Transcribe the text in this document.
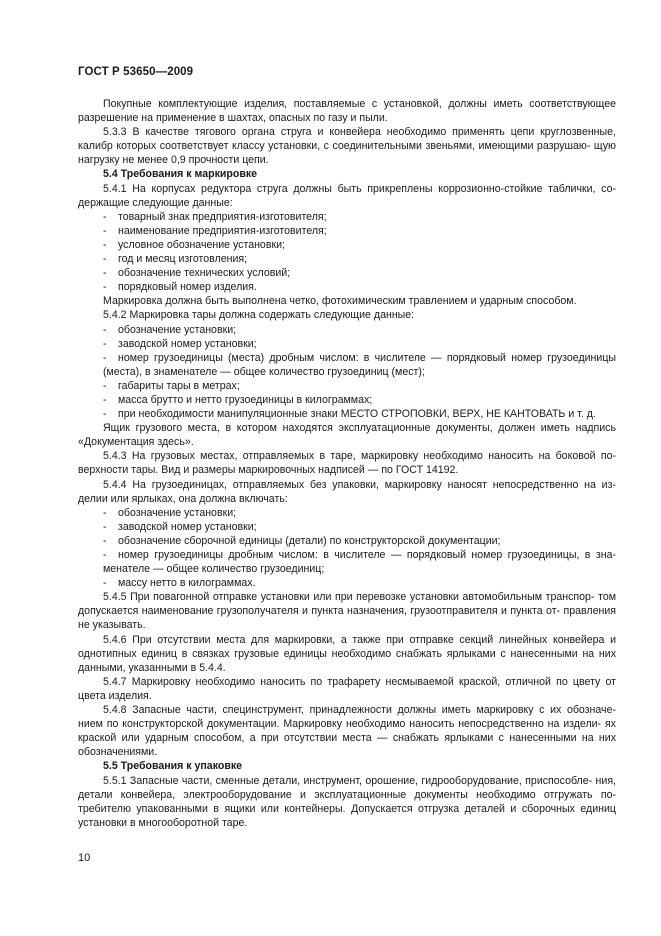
ГОСТ Р 53650—2009
Покупные комплектующие изделия, поставляемые с установкой, должны иметь соответствующее разрешение на применение в шахтах, опасных по газу и пыли.
5.3.3 В качестве тягового органа струга и конвейера необходимо применять цепи круглозвенные, калибр которых соответствует классу установки, с соединительными звеньями, имеющими разрушаю- щую нагрузку не менее 0,9 прочности цепи.
5.4 Требования к маркировке
5.4.1 На корпусах редуктора струга должны быть прикреплены коррозионно-стойкие таблички, со- держащие следующие данные:
- товарный знак предприятия-изготовителя;
- наименование предприятия-изготовителя;
- условное обозначение установки;
- год и месяц изготовления;
- обозначение технических условий;
- порядковый номер изделия.
Маркировка должна быть выполнена четко, фотохимическим травлением и ударным способом.
5.4.2 Маркировка тары должна содержать следующие данные:
- обозначение установки;
- заводской номер установки;
- номер грузоединицы (места) дробным числом: в числителе — порядковый номер грузоединицы (места), в знаменателе — общее количество грузоединиц (мест);
- габариты тары в метрах;
- масса брутто и нетто грузоединицы в килограммах;
- при необходимости манипуляционные знаки МЕСТО СТРОПОВКИ, ВЕРХ, НЕ КАНТОВАТЬ и т. д.
Ящик грузового места, в котором находятся эксплуатационные документы, должен иметь надпись «Документация здесь».
5.4.3 На грузовых местах, отправляемых в таре, маркировку необходимо наносить на боковой по- верхности тары. Вид и размеры маркировочных надписей — по ГОСТ 14192.
5.4.4 На грузоединицах, отправляемых без упаковки, маркировку наносят непосредственно на из- делии или ярлыках, она должна включать:
- обозначение установки;
- заводской номер установки;
- обозначение сборочной единицы (детали) по конструкторской документации;
- номер грузоединицы дробным числом: в числителе — порядковый номер грузоединицы, в зна- менателе — общее количество грузоединиц;
- массу нетто в килограммах.
5.4.5 При повагонной отправке установки или при перевозке установки автомобильным транспор- том допускается наименование грузополучателя и пункта назначения, грузоотправителя и пункта от- правления не указывать.
5.4.6 При отсутствии места для маркировки, а также при отправке секций линейных конвейера и однотипных единиц в связках грузовые единицы необходимо снабжать ярлыками с нанесенными на них данными, указанными в 5.4.4.
5.4.7 Маркировку необходимо наносить по трафарету несмываемой краской, отличной по цвету от цвета изделия.
5.4.8 Запасные части, специнструмент, принадлежности должны иметь маркировку с их обозначе- нием по конструкторской документации. Маркировку необходимо наносить непосредственно на издели- ях краской или ударным способом, а при отсутствии места — снабжать ярлыками с нанесенными на них обозначениями.
5.5 Требования к упаковке
5.5.1 Запасные части, сменные детали, инструмент, орошение, гидрооборудование, приспособле- ния, детали конвейера, электрооборудование и эксплуатационные документы необходимо отгружать по- требителю упакованными в ящики или контейнеры. Допускается отгрузка деталей и сборочных единиц установки в многооборотной таре.
10
